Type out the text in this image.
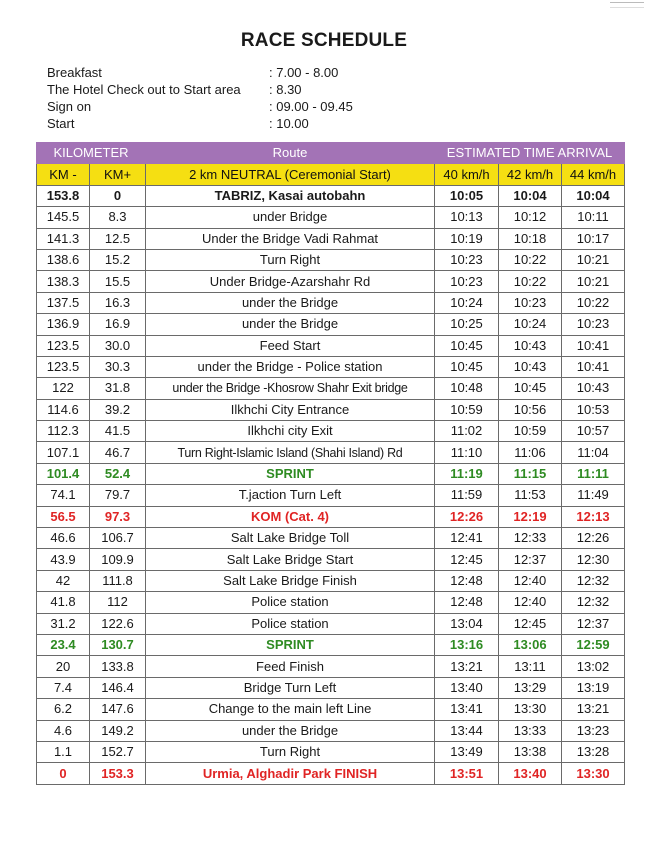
RACE SCHEDULE
Breakfast	: 7.00 - 8.00
The Hotel Check out to Start area : 8.30
Sign on	: 09.00 - 09.45
Start	: 10.00
KILOMETER		Route	ESTIMATED TIME ARRIVAL		
KM -	KM+	2 km NEUTRAL (Ceremonial Start)	40 km/h	42 km/h	44 km/h
153.8	0	TABRIZ, Kasai autobahn	10:05	10:04	10:04
145.5	8.3	under Bridge	10:13	10:12	10:11
141.3	12.5	Under the Bridge Vadi Rahmat	10:19	10:18	10:17
138.6	15.2	Turn Right	10:23	10:22	10:21
138.3	15.5	Under Bridge-Azarshahr Rd	10:23	10:22	10:21
137.5	16.3	under the Bridge	10:24	10:23	10:22
136.9	16.9	under the Bridge	10:25	10:24	10:23
123.5	30.0	Feed Start	10:45	10:43	10:41
123.5	30.3	under the Bridge - Police station	10:45	10:43	10:41
122	31.8	under the Bridge -Khosrow Shahr Exit bridge	10:48	10:45	10:43
114.6	39.2	Ilkhchi City Entrance	10:59	10:56	10:53
112.3	41.5	Ilkhchi city Exit	11:02	10:59	10:57
107.1	46.7	Turn Right-Islamic Island (Shahi Island) Rd	11:10	11:06	11:04
101.4	52.4	SPRINT	11:19	11:15	11:11
74.1	79.7	T.jaction Turn Left	11:59	11:53	11:49
56.5	97.3	KOM (Cat. 4)	12:26	12:19	12:13
46.6	106.7	Salt Lake Bridge Toll	12:41	12:33	12:26
43.9	109.9	Salt Lake Bridge Start	12:45	12:37	12:30
42	111.8	Salt Lake Bridge Finish	12:48	12:40	12:32
41.8	112	Police station	12:48	12:40	12:32
31.2	122.6	Police station	13:04	12:45	12:37
23.4	130.7	SPRINT	13:16	13:06	12:59
20	133.8	Feed Finish	13:21	13:11	13:02
7.4	146.4	Bridge Turn Left	13:40	13:29	13:19
6.2	147.6	Change to the main left Line	13:41	13:30	13:21
4.6	149.2	under the Bridge	13:44	13:33	13:23
1.1	152.7	Turn Right	13:49	13:38	13:28
0	153.3	Urmia, Alghadir Park FINISH	13:51	13:40	13:30
